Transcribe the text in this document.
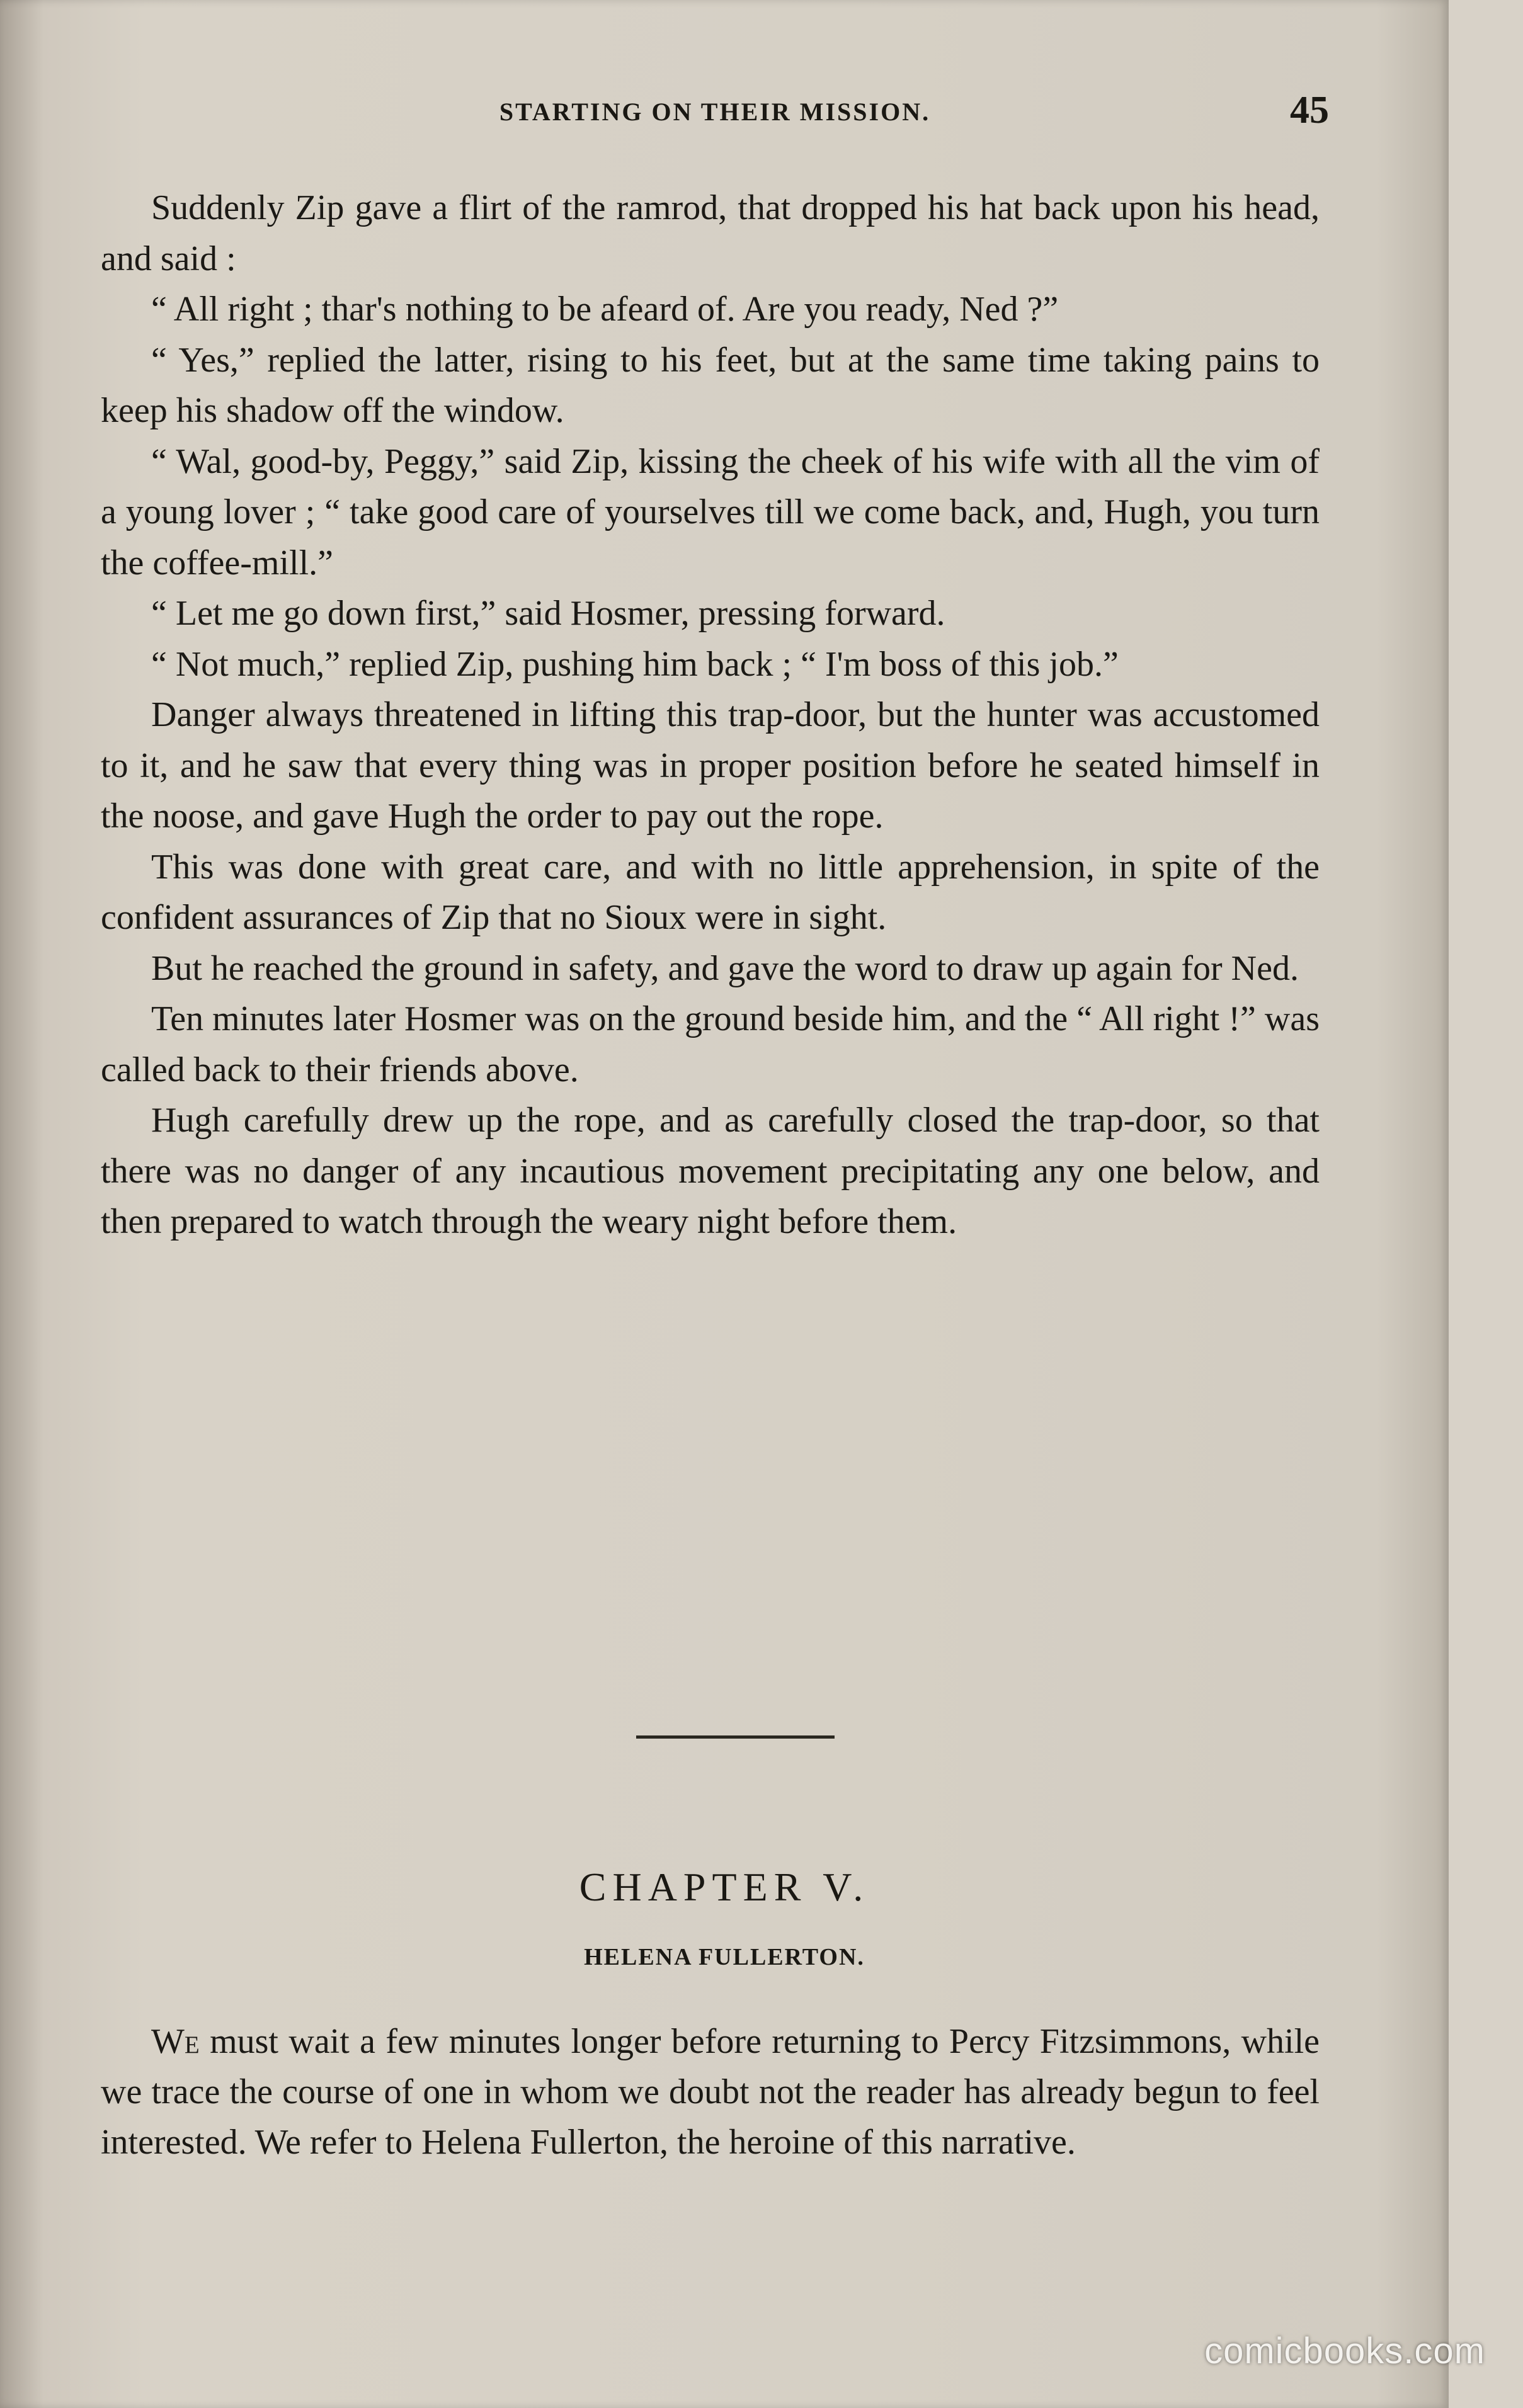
STARTING ON THEIR MISSION.	45

Suddenly Zip gave a flirt of the ramrod, that dropped his hat back upon his head, and said :

“ All right ; thar's nothing to be afeard of. Are you ready, Ned ?”

“ Yes,” replied the latter, rising to his feet, but at the same time taking pains to keep his shadow off the window.

“ Wal, good-by, Peggy,” said Zip, kissing the cheek of his wife with all the vim of a young lover ; “ take good care of yourselves till we come back, and, Hugh, you turn the coffee-mill.”

“ Let me go down first,” said Hosmer, pressing forward.

“ Not much,” replied Zip, pushing him back ; “ I'm boss of this job.”

Danger always threatened in lifting this trap-door, but the hunter was accustomed to it, and he saw that every thing was in proper position before he seated himself in the noose, and gave Hugh the order to pay out the rope.

This was done with great care, and with no little apprehension, in spite of the confident assurances of Zip that no Sioux were in sight.

But he reached the ground in safety, and gave the word to draw up again for Ned.

Ten minutes later Hosmer was on the ground beside him, and the “ All right !” was called back to their friends above.

Hugh carefully drew up the rope, and as carefully closed the trap-door, so that there was no danger of any incautious movement precipitating any one below, and then prepared to watch through the weary night before them.

CHAPTER V.
HELENA FULLERTON.

We must wait a few minutes longer before returning to Percy Fitzsimmons, while we trace the course of one in whom we doubt not the reader has already begun to feel interested. We refer to Helena Fullerton, the heroine of this narrative.

comicbooks.com
